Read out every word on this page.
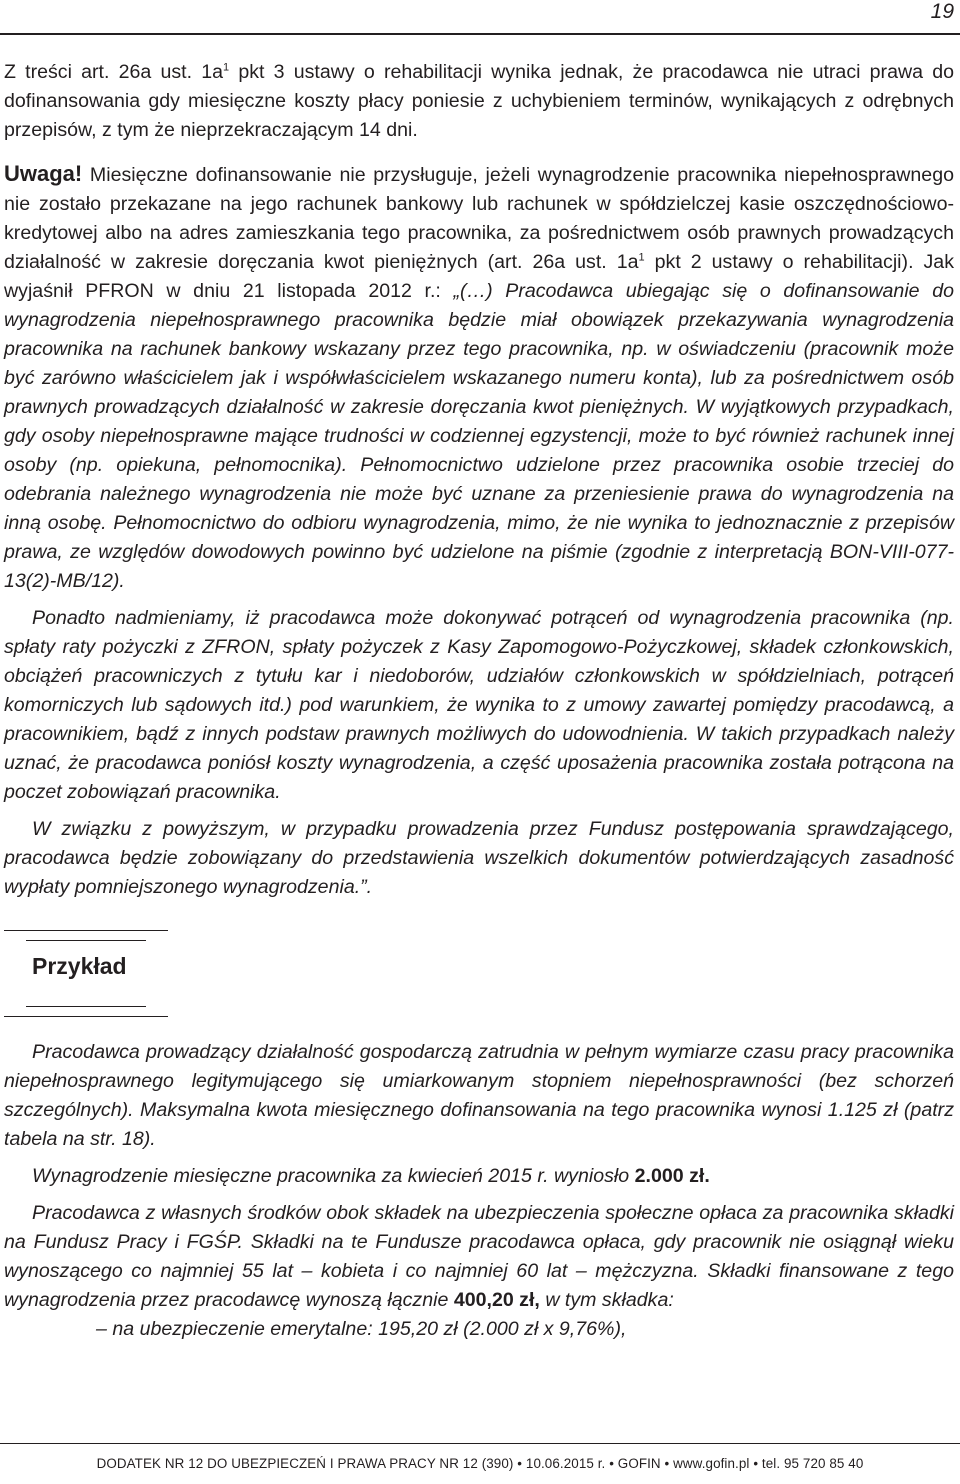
19

Z treści art. 26a ust. $1a^1$ pkt 3 ustawy o rehabilitacji wynika jednak, że pracodawca nie utraci prawa do dofinansowania gdy miesięczne koszty płacy poniesie z uchybieniem terminów, wynikających z odrębnych przepisów, z tym że nieprzekraczającym 14 dni.

Uwaga! Miesięczne dofinansowanie nie przysługuje, jeżeli wynagrodzenie pracownika niepełnosprawnego nie zostało przekazane na jego rachunek bankowy lub rachunek w spółdzielczej kasie oszczędnościowo-kredytowej albo na adres zamieszkania tego pracownika, za pośrednictwem osób prawnych prowadzących działalność w zakresie doręczania kwot pieniężnych (art. 26a ust. $1a^1$ pkt 2 ustawy o rehabilitacji). Jak wyjaśnił PFRON w dniu 21 listopada 2012 r.: „(…) Pracodawca ubiegając się o dofinansowanie do wynagrodzenia niepełnosprawnego pracownika będzie miał obowiązek przekazywania wynagrodzenia pracownika na rachunek bankowy wskazany przez tego pracownika, np. w oświadczeniu (pracownik może być zarówno właścicielem jak i współwłaścicielem wskazanego numeru konta), lub za pośrednictwem osób prawnych prowadzących działalność w zakresie doręczania kwot pieniężnych. W wyjątkowych przypadkach, gdy osoby niepełnosprawne mające trudności w codziennej egzystencji, może to być również rachunek innej osoby (np. opiekuna, pełnomocnika). Pełnomocnictwo udzielone przez pracownika osobie trzeciej do odebrania należnego wynagrodzenia nie może być uznane za przeniesienie prawa do wynagrodzenia na inną osobę. Pełnomocnictwo do odbioru wynagrodzenia, mimo, że nie wynika to jednoznacznie z przepisów prawa, ze względów dowodowych powinno być udzielone na piśmie (zgodnie z interpretacją BON-VIII-077-13(2)-MB/12).

Ponadto nadmieniamy, iż pracodawca może dokonywać potrąceń od wynagrodzenia pracownika (np. spłaty raty pożyczki z ZFRON, spłaty pożyczek z Kasy Zapomogowo-Pożyczkowej, składek członkowskich, obciążeń pracowniczych z tytułu kar i niedoborów, udziałów członkowskich w spółdzielniach, potrąceń komorniczych lub sądowych itd.) pod warunkiem, że wynika to z umowy zawartej pomiędzy pracodawcą, a pracownikiem, bądź z innych podstaw prawnych możliwych do udowodnienia. W takich przypadkach należy uznać, że pracodawca poniósł koszty wynagrodzenia, a część uposażenia pracownika została potrącona na poczet zobowiązań pracownika.

W związku z powyższym, w przypadku prowadzenia przez Fundusz postępowania sprawdzającego, pracodawca będzie zobowiązany do przedstawienia wszelkich dokumentów potwierdzających zasadność wypłaty pomniejszonego wynagrodzenia.”.

Przykład

Pracodawca prowadzący działalność gospodarczą zatrudnia w pełnym wymiarze czasu pracy pracownika niepełnosprawnego legitymującego się umiarkowanym stopniem niepełnosprawności (bez schorzeń szczególnych). Maksymalna kwota miesięcznego dofinansowania na tego pracownika wynosi 1.125 zł (patrz tabela na str. 18).

Wynagrodzenie miesięczne pracownika za kwiecień 2015 r. wyniosło 2.000 zł.

Pracodawca z własnych środków obok składek na ubezpieczenia społeczne opłaca za pracownika składki na Fundusz Pracy i FGŚP. Składki na te Fundusze pracodawca opłaca, gdy pracownik nie osiągnął wieku wynoszącego co najmniej 55 lat – kobieta i co najmniej 60 lat – mężczyzna. Składki finansowane z tego wynagrodzenia przez pracodawcę wynoszą łącznie 400,20 zł, w tym składka:

– na ubezpieczenie emerytalne: 195,20 zł (2.000 zł x 9,76%),

DODATEK NR 12 DO UBEZPIECZEŃ I PRAWA PRACY NR 12 (390) • 10.06.2015 r. • GOFIN • www.gofin.pl • tel. 95 720 85 40
